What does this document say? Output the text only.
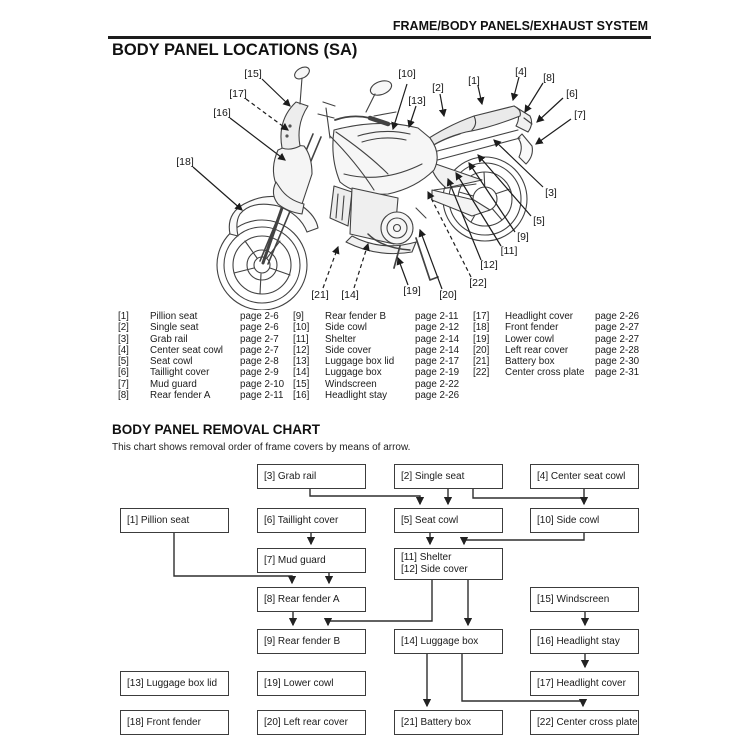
FRAME/BODY PANELS/EXHAUST SYSTEM
BODY PANEL LOCATIONS (SA)
[1]
[2]
[3]
[4]
[5]
[6]
[7]
[8]
[9]
[10]
[11]
[12]
[13]
[14]
[15]
[16]
[17]
[18]
[19] [20]
[21]
[22]
[1]	Pillion seat	page 2-6
[2]	Single seat	page 2-6
[3]	Grab rail	page 2-7
[4]	Center seat cowl	page 2-7
[5]	Seat cowl	page 2-8
[6]	Taillight cover	page 2-9
[7]	Mud guard	page 2-10
[8]	Rear fender A	page 2-11
[9]	Rear fender B	page 2-11
[10]	Side cowl	page 2-12
[11]	Shelter	page 2-14
[12]	Side cover	page 2-14
[13]	Luggage box lid	page 2-17
[14]	Luggage box	page 2-19
[15]	Windscreen	page 2-22
[16]	Headlight stay	page 2-26
[17]	Headlight cover	page 2-26
[18]	Front fender	page 2-27
[19]	Lower cowl	page 2-27
[20]	Left rear cover	page 2-28
[21]	Battery box	page 2-30
[22]	Center cross plate	page 2-31
BODY PANEL REMOVAL CHART
This chart shows removal order of frame covers by means of arrow.
[3] Grab rail	[2] Single seat	[4] Center seat cowl
[1] Pillion seat	[6] Taillight cover	[5] Seat cowl	[10] Side cowl
[7] Mud guard	[11] Shelter
[12] Side cover
[8] Rear fender A	[15] Windscreen
[9] Rear fender B	[14] Luggage box	[16] Headlight stay
[13] Luggage box lid	[19] Lower cowl	[17] Headlight cover
[18] Front fender	[20] Left rear cover	[21] Battery box	[22] Center cross plate
